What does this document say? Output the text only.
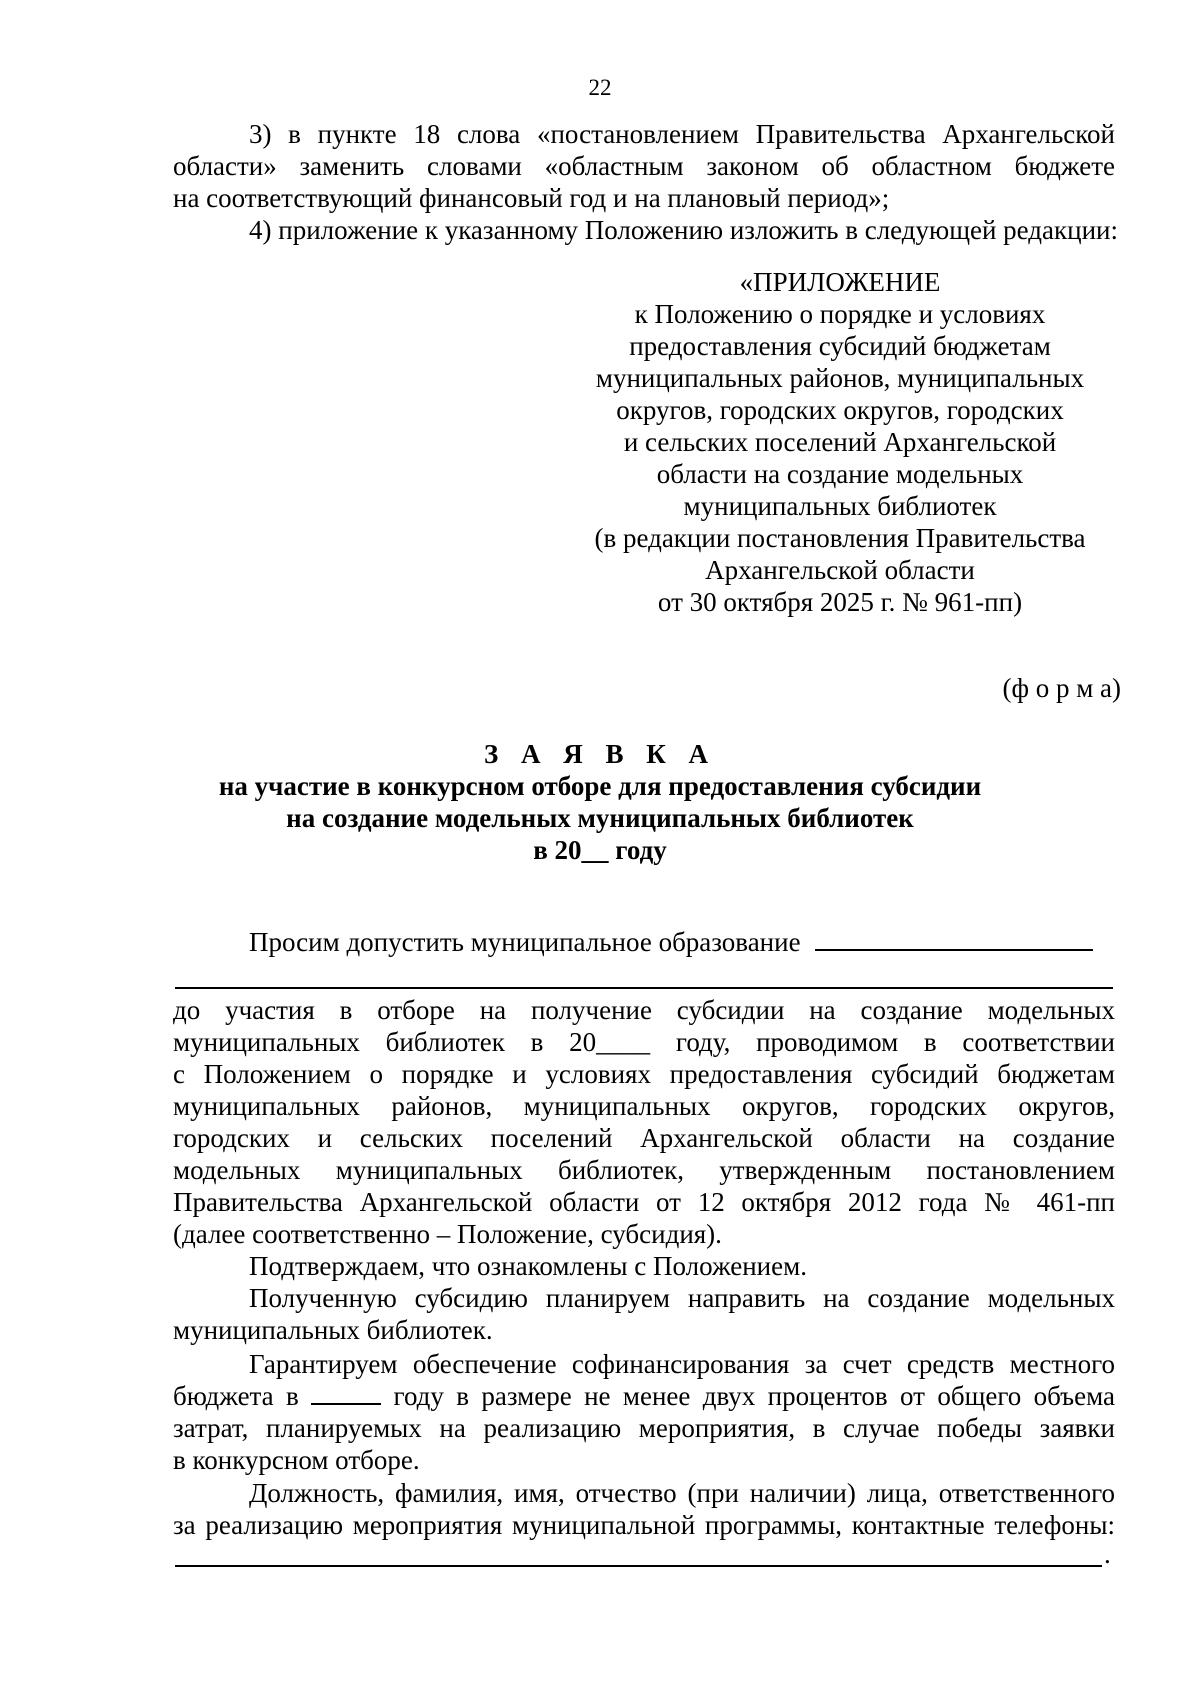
22
3) в пункте 18 слова «постановлением Правительства Архангельской
области» заменить словами «областным законом об областном бюджете
на соответствующий финансовый год и на плановый период»;
4) приложение к указанному Положению изложить в следующей редакции:
«ПРИЛОЖЕНИЕ
к Положению о порядке и условиях
предоставления субсидий бюджетам
муниципальных районов, муниципальных
округов, городских округов, городских
и сельских поселений Архангельской
области на создание модельных
муниципальных библиотек
(в редакции постановления Правительства
Архангельской области
от 30 октября 2025 г. № 961-пп)
(ф о р м а)
З А Я В К А
на участие в конкурсном отборе для предоставления субсидии
на создание модельных муниципальных библиотек
в 20__ году
Просим допустить муниципальное образование
до участия в отборе на получение субсидии на создание модельных
муниципальных библиотек в 20____ году, проводимом в соответствии
с Положением о порядке и условиях предоставления субсидий бюджетам
муниципальных районов, муниципальных округов, городских округов,
городских и сельских поселений Архангельской области на создание
модельных муниципальных библиотек, утвержденным постановлением
Правительства Архангельской области от 12 октября 2012 года № 461-пп
(далее соответственно – Положение, субсидия).
Подтверждаем, что ознакомлены с Положением.
Полученную субсидию планируем направить на создание модельных
муниципальных библиотек.
Гарантируем обеспечение софинансирования за счет средств местного
бюджета в	году в размере не менее двух процентов от общего объема
затрат, планируемых на реализацию мероприятия, в случае победы заявки
в конкурсном отборе.
Должность, фамилия, имя, отчество (при наличии) лица, ответственного
за реализацию мероприятия муниципальной программы, контактные телефоны:
.
